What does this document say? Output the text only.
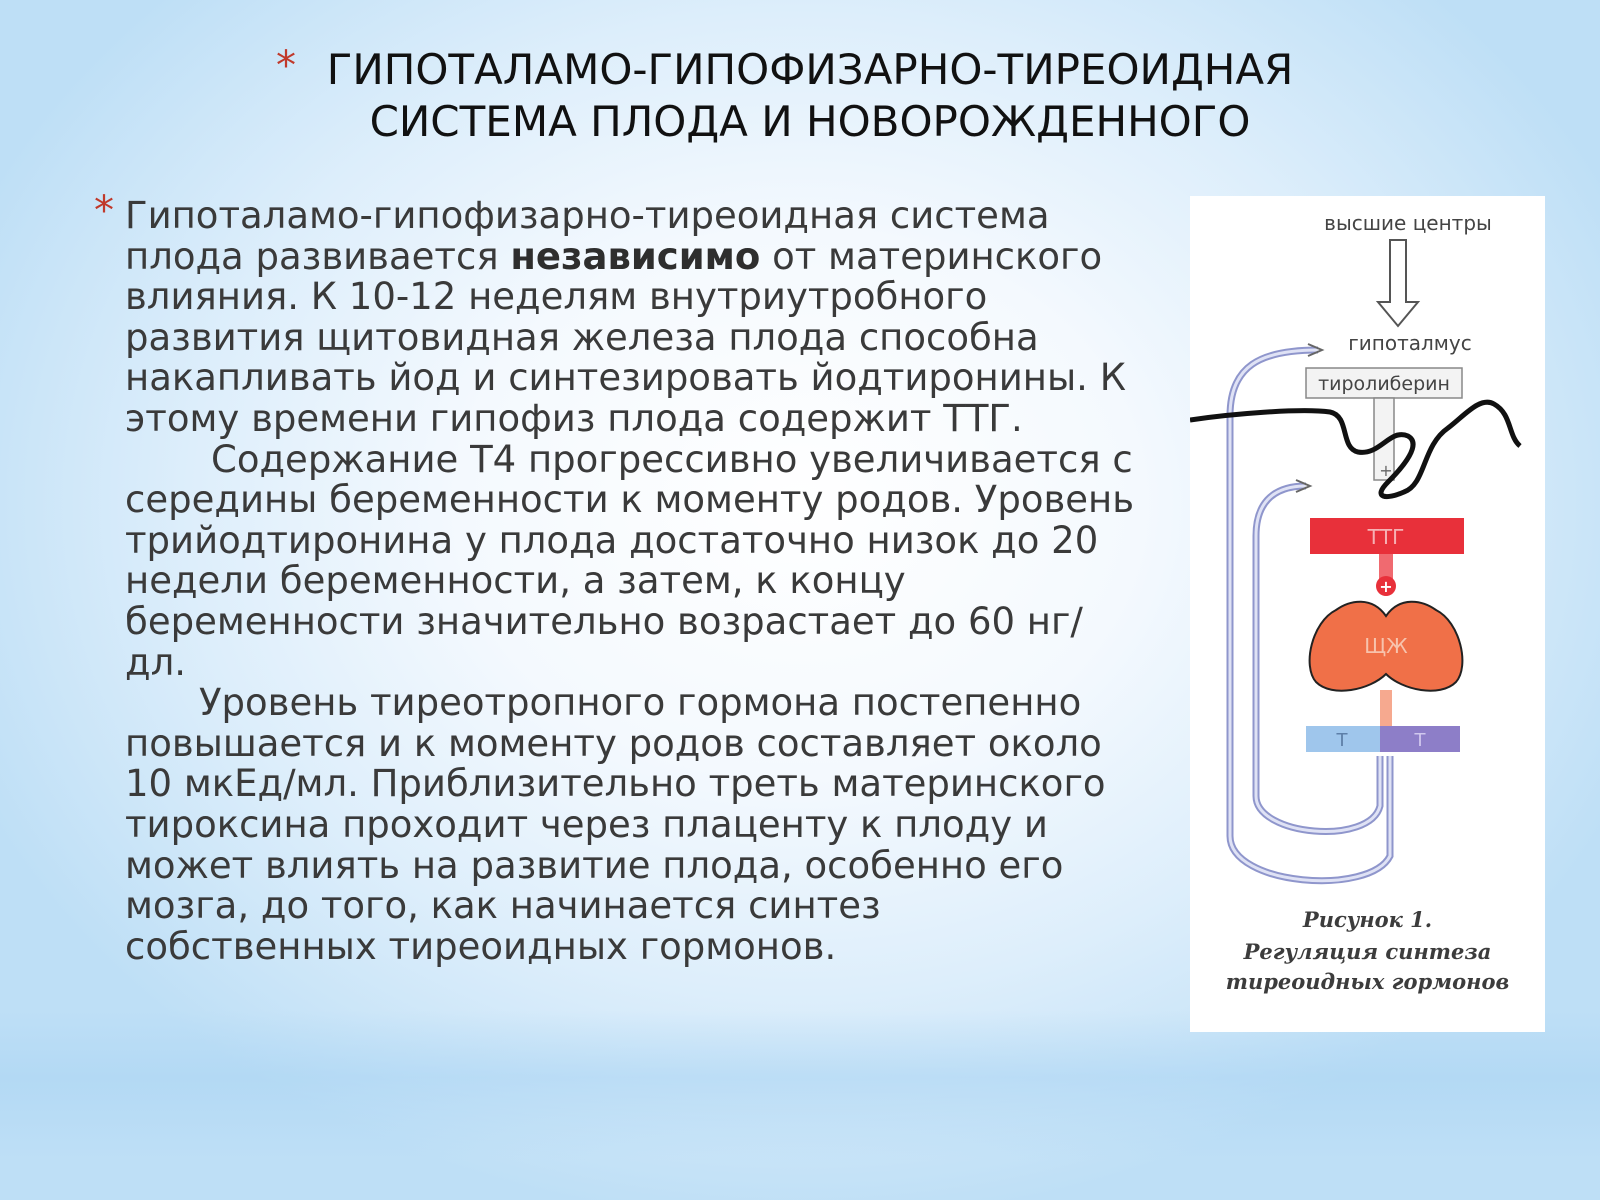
* ГИПОТАЛАМО-ГИПОФИЗАРНО-ТИРЕОИДНАЯ
СИСТЕМА ПЛОДА И НОВОРОЖДЕННОГО
* Гипоталамо-гипофизарно-тиреоидная система плода развивается независимо от материнского влияния. К 10-12 неделям внутриутробного развития щитовидная железа плода способна накапливать йод и синтезировать йодтиронины. К этому времени гипофиз плода содержит ТТГ.

Содержание Т4 прогрессивно увеличивается с середины беременности к моменту родов. Уровень трийодтиронина у плода достаточно низок до 20 недели беременности, а затем, к концу беременности значительно возрастает до 60 нг/дл.

Уровень тиреотропного гормона постепенно повышается и к моменту родов составляет около 10 мкЕд/мл. Приблизительно треть материнского тироксина проходит через плаценту к плоду и может влиять на развитие плода, особенно его мозга, до того, как начинается синтез собственных тиреоидных гормонов.

высшие центры
гипоталмус
тиролиберин
+
ТТГ
+
ЩЖ
Т	Т
Рисунок 1.
Регуляция синтеза
тиреоидных гормонов
